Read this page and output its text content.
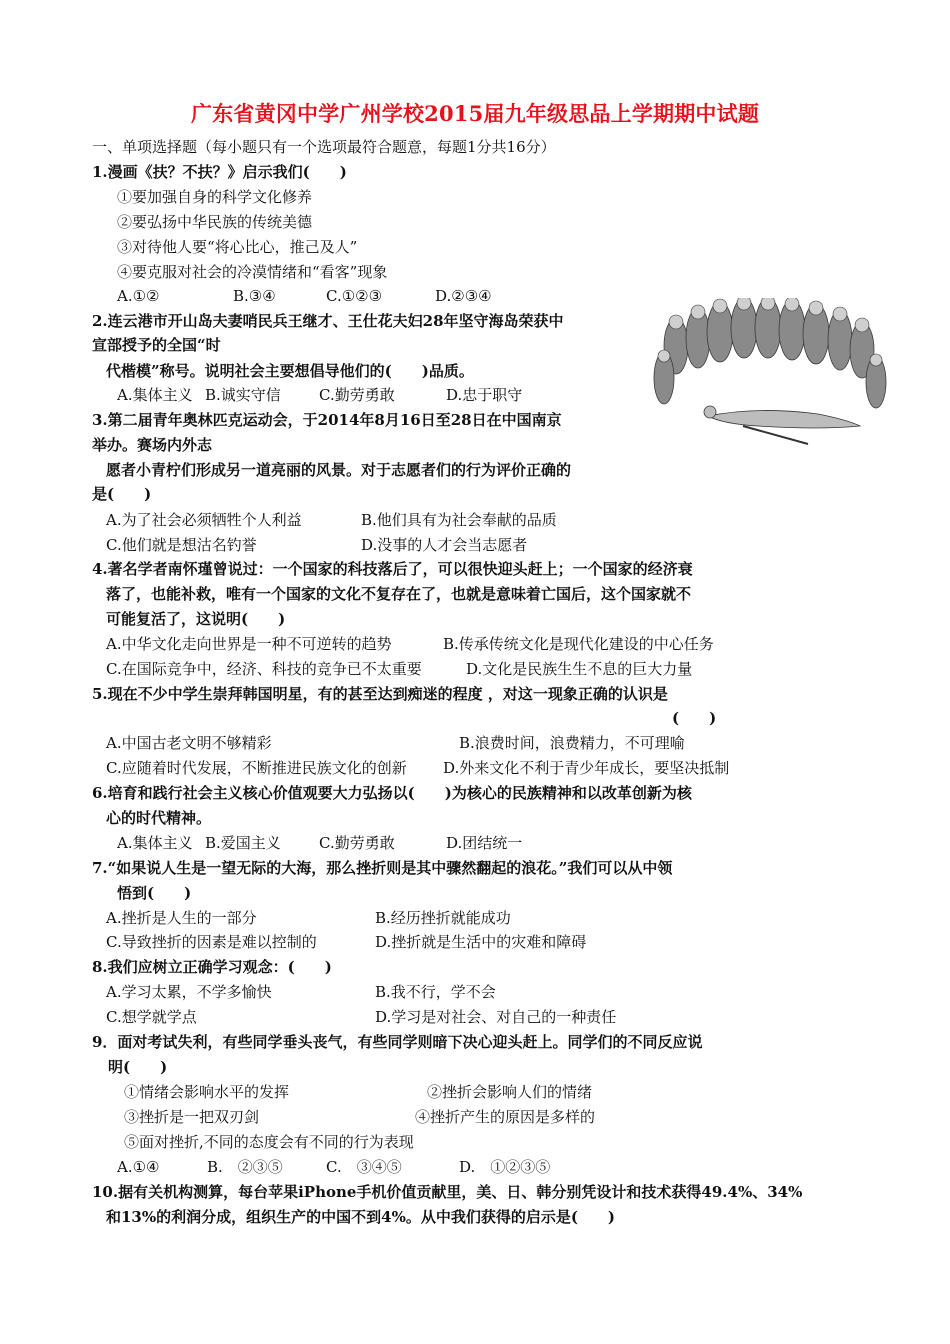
广东省黄冈中学广州学校2015届九年级思品上学期期中试题
一、单项选择题（每小题只有一个选项最符合题意，每题1分共16分）
1.漫画《扶？不扶？》启示我们(　　)
①要加强自身的科学文化修养
②要弘扬中华民族的传统美德
③对待他人要“将心比心，推己及人”
④要克服对社会的冷漠情绪和“看客”现象
A.①②	B.③④	C.①②③	D.②③④
2.连云港市开山岛夫妻哨民兵王继才、王仕花夫妇28年坚守海岛荣获中
宣部授予的全国“时
代楷模”称号。说明社会主要想倡导他们的(　　)品质。
A.集体主义 B.诚实守信	C.勤劳勇敢	D.忠于职守
3.第二届青年奥林匹克运动会，于2014年8月16日至28日在中国南京
举办。赛场内外志
愿者小青柠们形成另一道亮丽的风景。对于志愿者们的行为评价正确的
是(　　)
A.为了社会必须牺牲个人利益	B.他们具有为社会奉献的品质
C.他们就是想沽名钓誉	D.没事的人才会当志愿者
4.著名学者南怀瑾曾说过：一个国家的科技落后了，可以很快迎头赶上；一个国家的经济衰
落了，也能补救，唯有一个国家的文化不复存在了，也就是意味着亡国后，这个国家就不
可能复活了，这说明(　　)
A.中华文化走向世界是一种不可逆转的趋势	B.传承传统文化是现代化建设的中心任务
C.在国际竞争中，经济、科技的竞争已不太重要	D.文化是民族生生不息的巨大力量
5.现在不少中学生崇拜韩国明星，有的甚至达到痴迷的程度 ，对这一现象正确的认识是
(　　)
A.中国古老文明不够精彩	B.浪费时间，浪费精力，不可理喻
C.应随着时代发展，不断推进民族文化的创新 D.外来文化不利于青少年成长，要坚决抵制
6.培育和践行社会主义核心价值观要大力弘扬以(　　)为核心的民族精神和以改革创新为核
心的时代精神。
A.集体主义 B.爱国主义	C.勤劳勇敢	D.团结统一
7.“如果说人生是一望无际的大海，那么挫折则是其中骤然翻起的浪花。”我们可以从中领
悟到(　　)
A.挫折是人生的一部分	B.经历挫折就能成功
C.导致挫折的因素是难以控制的	D.挫折就是生活中的灾难和障碍
8.我们应树立正确学习观念：(　　)
A.学习太累，不学多愉快	B.我不行，学不会
C.想学就学点	D.学习是对社会、对自己的一种责任
9．面对考试失利，有些同学垂头丧气，有些同学则暗下决心迎头赶上。同学们的不同反应说
明(　　)
①情绪会影响水平的发挥	②挫折会影响人们的情绪
③挫折是一把双刃剑	④挫折产生的原因是多样的
⑤面对挫折,不同的态度会有不同的行为表现
A.①④	B.　②③⑤	C.　③④⑤	D.　①②③⑤
10.据有关机构测算，每台苹果iPhone手机价值贡献里，美、日、韩分别凭设计和技术获得49.4%、34%
和13%的利润分成，组织生产的中国不到4%。从中我们获得的启示是(　　)
